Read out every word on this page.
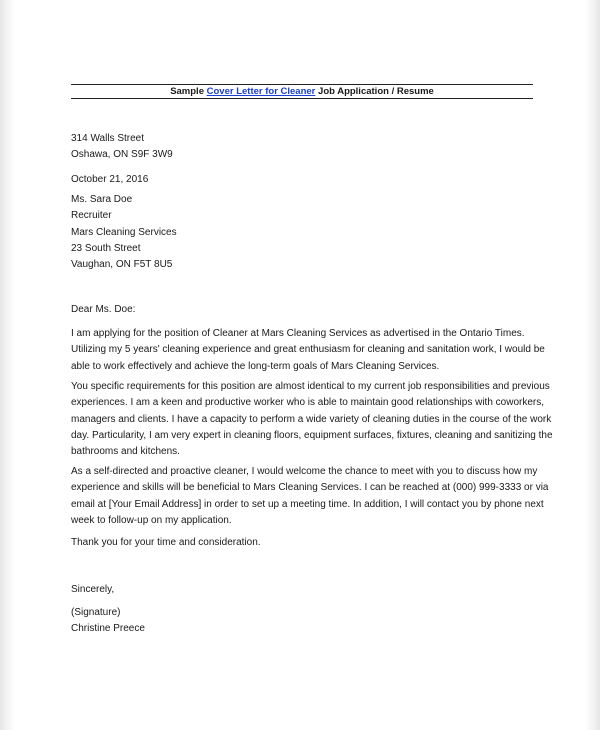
Sample Cover Letter for Cleaner Job Application / Resume
314 Walls Street
Oshawa, ON S9F 3W9
October 21, 2016
Ms. Sara Doe
Recruiter
Mars Cleaning Services
23 South Street
Vaughan, ON F5T 8U5
Dear Ms. Doe:
I am applying for the position of Cleaner at Mars Cleaning Services as advertised in the Ontario Times.
Utilizing my 5 years' cleaning experience and great enthusiasm for cleaning and sanitation work, I would be
able to work effectively and achieve the long-term goals of Mars Cleaning Services.
You specific requirements for this position are almost identical to my current job responsibilities and previous
experiences. I am a keen and productive worker who is able to maintain good relationships with coworkers,
managers and clients. I have a capacity to perform a wide variety of cleaning duties in the course of the work
day. Particularity, I am very expert in cleaning floors, equipment surfaces, fixtures, cleaning and sanitizing the
bathrooms and kitchens.
As a self-directed and proactive cleaner, I would welcome the chance to meet with you to discuss how my
experience and skills will be beneficial to Mars Cleaning Services. I can be reached at (000) 999-3333 or via
email at [Your Email Address] in order to set up a meeting time. In addition, I will contact you by phone next
week to follow-up on my application.
Thank you for your time and consideration.
Sincerely,
(Signature)
Christine Preece
